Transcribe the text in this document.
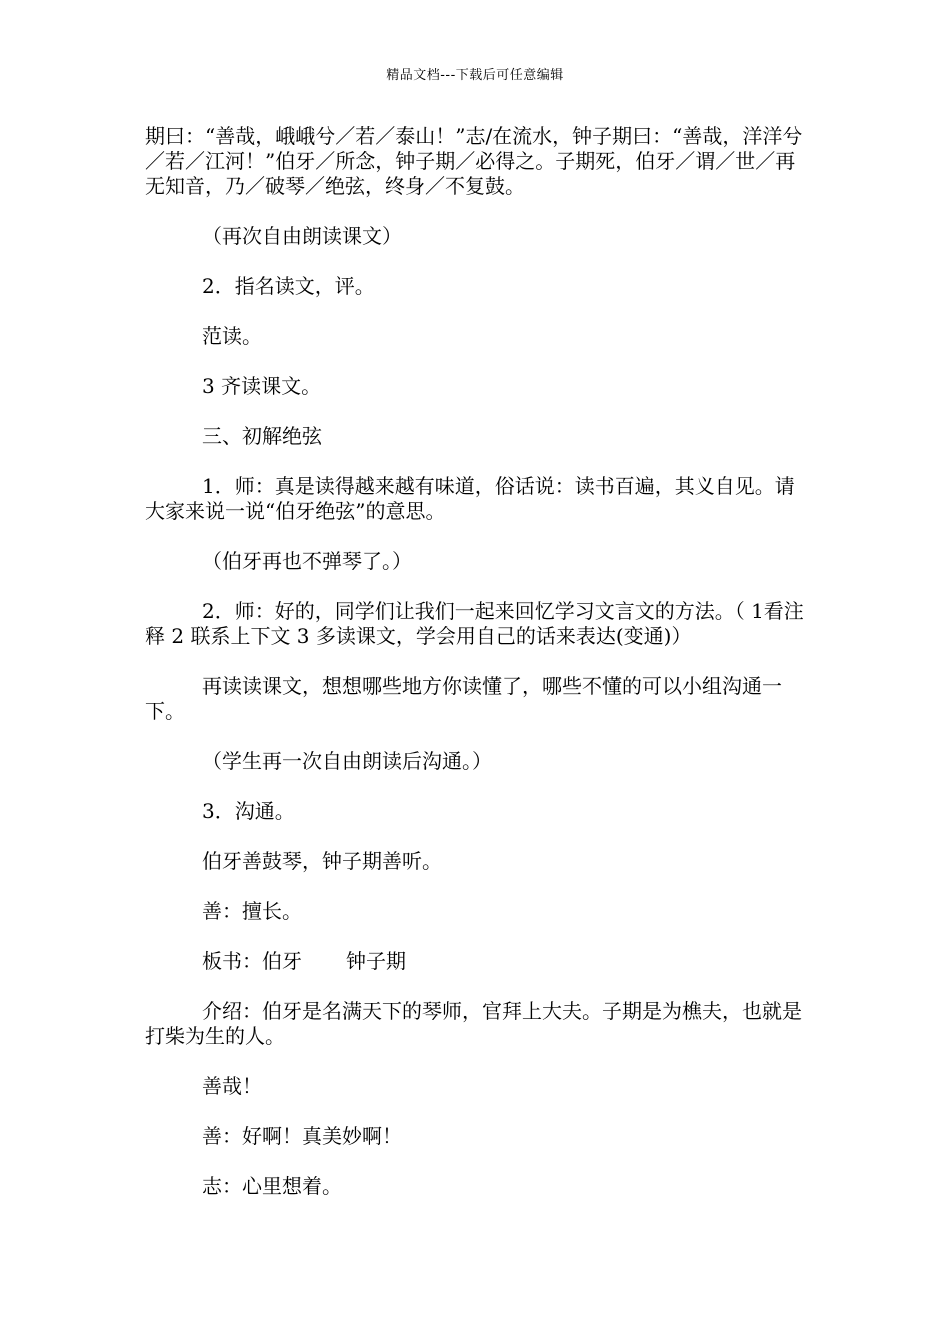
精品文档---下载后可任意编辑

期曰：“善哉，峨峨兮／若／泰山！”志/在流水，钟子期曰：“善哉，洋洋兮／若／江河！”伯牙／所念，钟子期／必得之。子期死，伯牙／谓／世／再无知音，乃／破琴／绝弦，终身／不复鼓。

（再次自由朗读课文）

2．指名读文，评。

范读。

3 齐读课文。

三、初解绝弦

1．师：真是读得越来越有味道，俗话说：读书百遍，其义自见。请大家来说一说“伯牙绝弦”的意思。

（伯牙再也不弹琴了。）

2．师：好的，同学们让我们一起来回忆学习文言文的方法。（ 1看注释 2 联系上下文 3 多读课文，学会用自己的话来表达(变通)）

再读读课文，想想哪些地方你读懂了，哪些不懂的可以小组沟通一下。

（学生再一次自由朗读后沟通。）

3．沟通。

伯牙善鼓琴，钟子期善听。

善：擅长。

板书：伯牙 钟子期

介绍：伯牙是名满天下的琴师，官拜上大夫。子期是为樵夫，也就是打柴为生的人。

善哉！

善：好啊！真美妙啊！

志：心里想着。
